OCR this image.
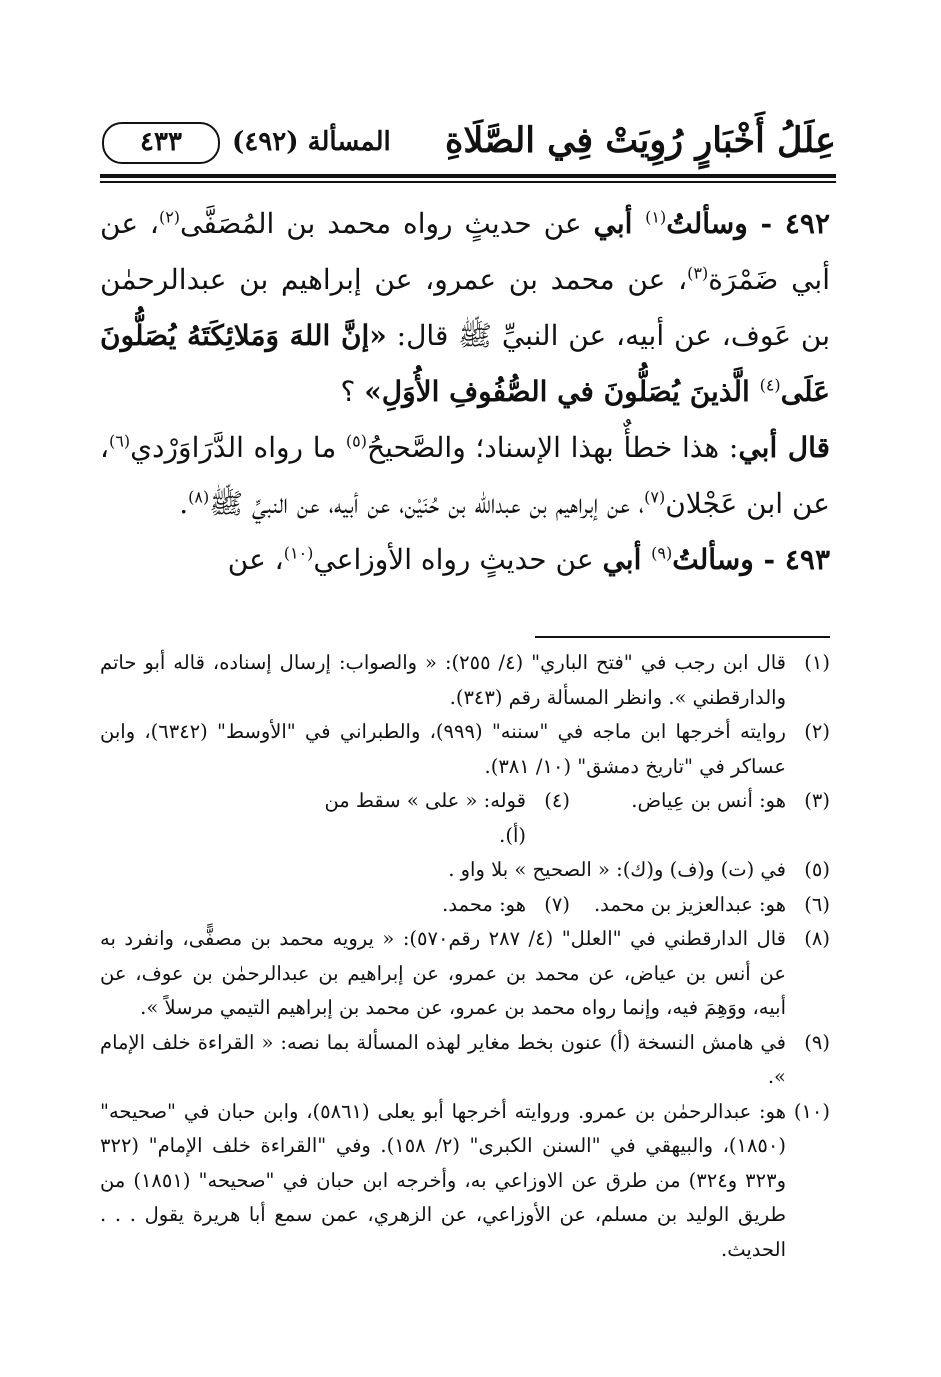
عِلَلُ أَخْبَارٍ رُوِيَتْ فِي الصَّلَاةِ
المسألة (٤٩٢)
٤٣٣

٤٩٢ - وسألتُ$^{(١)}$ أبي عن حديثٍ رواه محمد بن المُصَفَّى$^{(٢)}$، عن أبي ضَمْرَة$^{(٣)}$، عن محمد بن عمرو، عن إبراهيم بن عبدالرحمٰن بن عَوف، عن أبيه، عن النبيِّ ﷺ قال: «إنَّ اللهَ وَمَلائِكَتَهُ يُصَلُّونَ عَلَى$^{(٤)}$ الَّذينَ يُصَلُّونَ في الصُّفُوفِ الأُوَلِ» ؟

قال أبي: هذا خطأٌ بهذا الإسناد؛ والصَّحيحُ$^{(٥)}$ ما رواه الدَّرَاوَرْدي$^{(٦)}$، عن ابن عَجْلان$^{(٧)}$، عن إبراهيم بن عبدالله بن حُنَيْن، عن أبيه، عن النبيِّ ﷺ$^{(٨)}$.

٤٩٣ - وسألتُ$^{(٩)}$ أبي عن حديثٍ رواه الأوزاعي$^{(١٠)}$، عن

(١)
قال ابن رجب في "فتح الباري" (٤/ ٢٥٥): « والصواب: إرسال إسناده، قاله أبو حاتم والدارقطني ». وانظر المسألة رقم (٣٤٣).
(٢)
روايته أخرجها ابن ماجه في "سننه" (٩٩٩)، والطبراني في "الأوسط" (٦٣٤٢)، وابن عساكر في "تاريخ دمشق" (١٠/ ٣٨١).
(٣)
هو: أنس بن عِياض.
(٤)
قوله: « على » سقط من (أ).
(٥)
في (ت) و(ف) و(ك): « الصحيح » بلا واو .
(٦)
هو: عبدالعزيز بن محمد.
(٧)
هو: محمد.
(٨)
قال الدارقطني في "العلل" (٤/ ٢٨٧ رقم٥٧٠): « يرويه محمد بن مصفًّى، وانفرد به عن أنس بن عياض، عن محمد بن عمرو، عن إبراهيم بن عبدالرحمٰن بن عوف، عن أبيه، ووَهِمَ فيه، وإنما رواه محمد بن عمرو، عن محمد بن إبراهيم التيمي مرسلاً ».
(٩)
في هامش النسخة (أ) عنون بخط مغاير لهذه المسألة بما نصه: « القراءة خلف الإمام ».
(١٠)
هو: عبدالرحمٰن بن عمرو. وروايته أخرجها أبو يعلى (٥٨٦١)، وابن حبان في "صحيحه" (١٨٥٠)، والبيهقي في "السنن الكبرى" (٢/ ١٥٨). وفي "القراءة خلف الإمام" (٣٢٢ و٣٢٣ و٣٢٤) من طرق عن الاوزاعي به، وأخرجه ابن حبان في "صحيحه" (١٨٥١) من طريق الوليد بن مسلم، عن الأوزاعي، عن الزهري، عمن سمع أبا هريرة يقول . . . الحديث.
